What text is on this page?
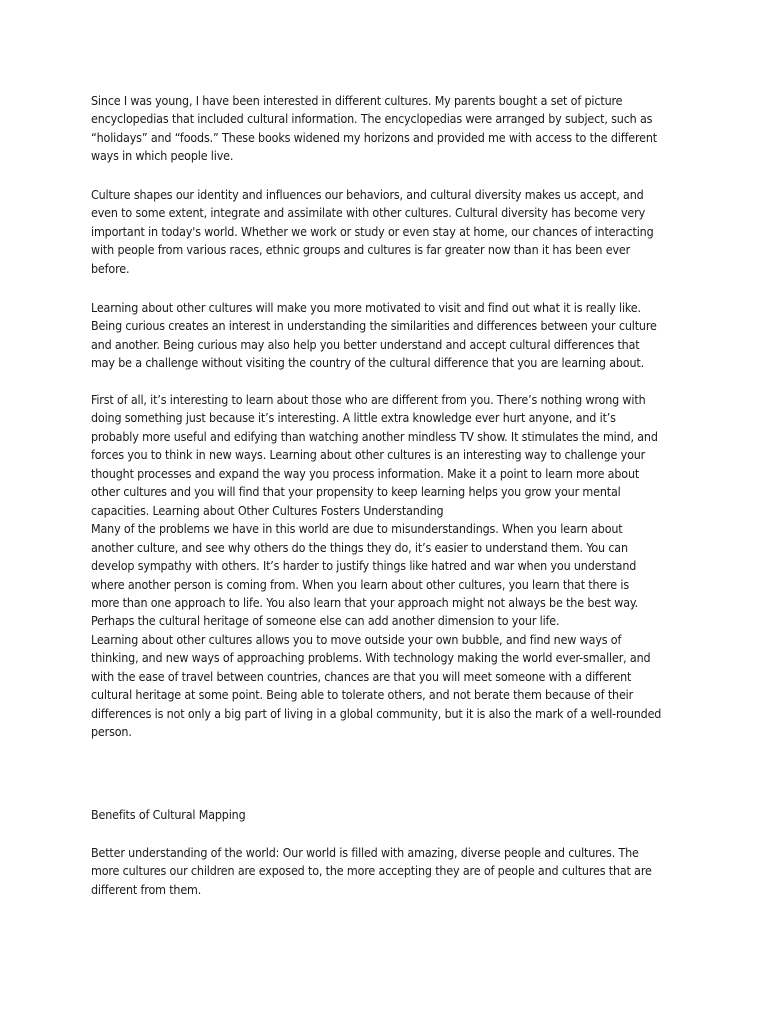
Since I was young, I have been interested in different cultures. My parents bought a set of picture
encyclopedias that included cultural information. The encyclopedias were arranged by subject, such as
“holidays” and “foods.” These books widened my horizons and provided me with access to the different
ways in which people live.
Culture shapes our identity and influences our behaviors, and cultural diversity makes us accept, and
even to some extent, integrate and assimilate with other cultures. Cultural diversity has become very
important in today's world. Whether we work or study or even stay at home, our chances of interacting
with people from various races, ethnic groups and cultures is far greater now than it has been ever
before.
Learning about other cultures will make you more motivated to visit and find out what it is really like.
Being curious creates an interest in understanding the similarities and differences between your culture
and another. Being curious may also help you better understand and accept cultural differences that
may be a challenge without visiting the country of the cultural difference that you are learning about.
First of all, it’s interesting to learn about those who are different from you. There’s nothing wrong with
doing something just because it’s interesting. A little extra knowledge ever hurt anyone, and it’s
probably more useful and edifying than watching another mindless TV show. It stimulates the mind, and
forces you to think in new ways. Learning about other cultures is an interesting way to challenge your
thought processes and expand the way you process information. Make it a point to learn more about
other cultures and you will find that your propensity to keep learning helps you grow your mental
capacities. Learning about Other Cultures Fosters Understanding
Many of the problems we have in this world are due to misunderstandings. When you learn about
another culture, and see why others do the things they do, it’s easier to understand them. You can
develop sympathy with others. It’s harder to justify things like hatred and war when you understand
where another person is coming from. When you learn about other cultures, you learn that there is
more than one approach to life. You also learn that your approach might not always be the best way.
Perhaps the cultural heritage of someone else can add another dimension to your life.
Learning about other cultures allows you to move outside your own bubble, and find new ways of
thinking, and new ways of approaching problems. With technology making the world ever-smaller, and
with the ease of travel between countries, chances are that you will meet someone with a different
cultural heritage at some point. Being able to tolerate others, and not berate them because of their
differences is not only a big part of living in a global community, but it is also the mark of a well-rounded
person.
Benefits of Cultural Mapping
Better understanding of the world: Our world is filled with amazing, diverse people and cultures. The
more cultures our children are exposed to, the more accepting they are of people and cultures that are
different from them.
